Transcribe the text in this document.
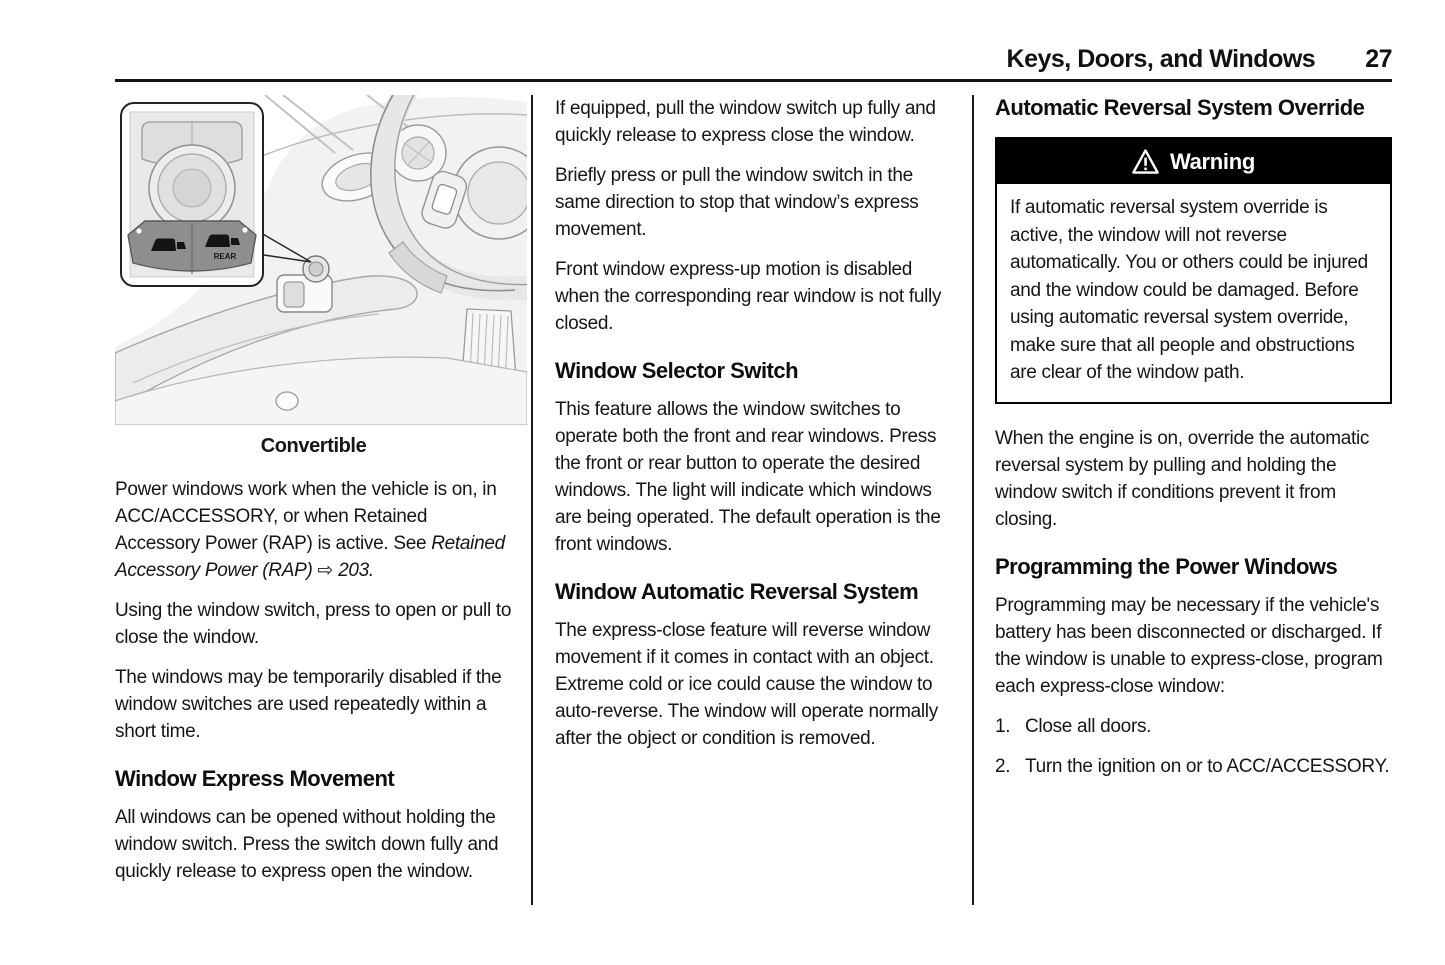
Keys, Doors, and Windows 27
REAR
Convertible

Power windows work when the vehicle is on, in ACC/ACCESSORY, or when Retained Accessory Power (RAP) is active. See Retained Accessory Power (RAP) ⇨ 203.

Using the window switch, press to open or pull to close the window.

The windows may be temporarily disabled if the window switches are used repeatedly within a short time.

Window Express Movement

All windows can be opened without holding the window switch. Press the switch down fully and quickly release to express open the window.

If equipped, pull the window switch up fully and quickly release to express close the window.

Briefly press or pull the window switch in the same direction to stop that window’s express movement.

Front window express-up motion is disabled when the corresponding rear window is not fully closed.

Window Selector Switch

This feature allows the window switches to operate both the front and rear windows. Press the front or rear button to operate the desired windows. The light will indicate which windows are being operated. The default operation is the front windows.

Window Automatic Reversal System

The express-close feature will reverse window movement if it comes in contact with an object. Extreme cold or ice could cause the window to auto-reverse. The window will operate normally after the object or condition is removed.

Automatic Reversal System Override
Warning
If automatic reversal system override is active, the window will not reverse automatically. You or others could be injured and the window could be damaged. Before using automatic reversal system override, make sure that all people and obstructions are clear of the window path.

When the engine is on, override the automatic reversal system by pulling and holding the window switch if conditions prevent it from closing.

Programming the Power Windows

Programming may be necessary if the vehicle's battery has been disconnected or discharged. If the window is unable to express-close, program each express-close window:

1. Close all doors.
2. Turn the ignition on or to ACC/​ACCESSORY.
